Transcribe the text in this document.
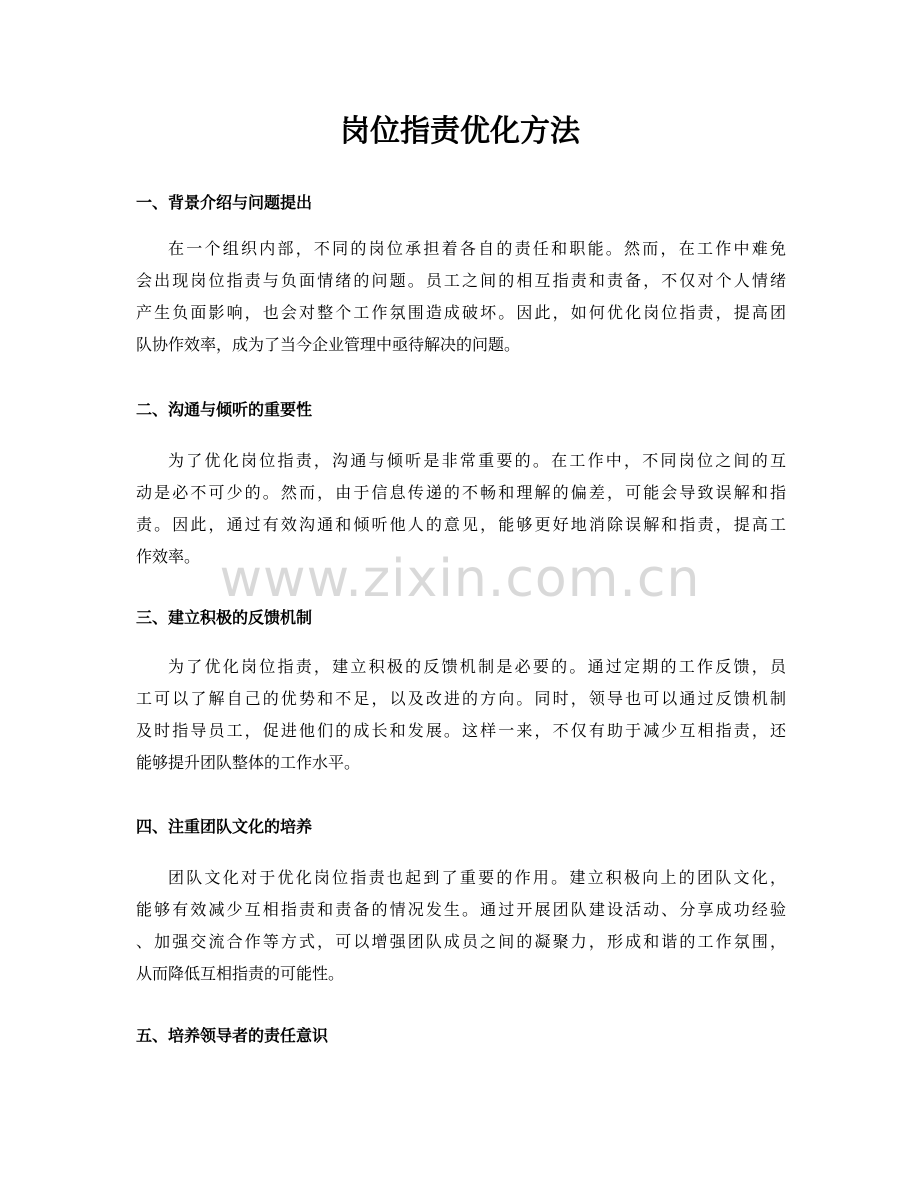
岗位指责优化方法
一、背景介绍与问题提出
在一个组织内部，不同的岗位承担着各自的责任和职能。然而，在工作中难免
会出现岗位指责与负面情绪的问题。员工之间的相互指责和责备，不仅对个人情绪
产生负面影响，也会对整个工作氛围造成破坏。因此，如何优化岗位指责，提高团
队协作效率，成为了当今企业管理中亟待解决的问题。
二、沟通与倾听的重要性
为了优化岗位指责，沟通与倾听是非常重要的。在工作中，不同岗位之间的互
动是必不可少的。然而，由于信息传递的不畅和理解的偏差，可能会导致误解和指
责。因此，通过有效沟通和倾听他人的意见，能够更好地消除误解和指责，提高工
作效率。
三、建立积极的反馈机制
为了优化岗位指责，建立积极的反馈机制是必要的。通过定期的工作反馈，员
工可以了解自己的优势和不足，以及改进的方向。同时，领导也可以通过反馈机制
及时指导员工，促进他们的成长和发展。这样一来，不仅有助于减少互相指责，还
能够提升团队整体的工作水平。
四、注重团队文化的培养
团队文化对于优化岗位指责也起到了重要的作用。建立积极向上的团队文化，
能够有效减少互相指责和责备的情况发生。通过开展团队建设活动、分享成功经验
、加强交流合作等方式，可以增强团队成员之间的凝聚力，形成和谐的工作氛围，
从而降低互相指责的可能性。
五、培养领导者的责任意识
www.zixin.com.cn
